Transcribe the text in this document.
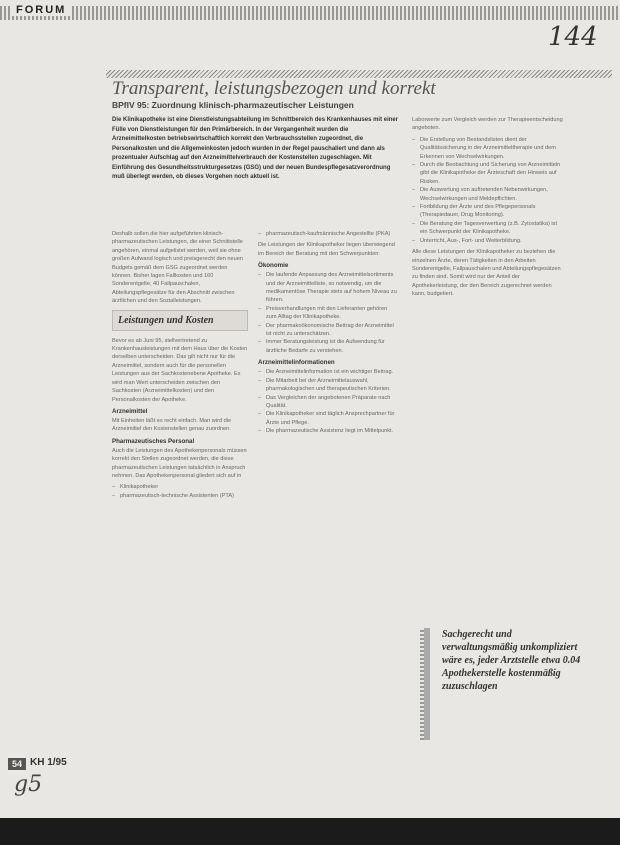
FORUM
144
Transparent, leistungsbezogen und korrekt
BPflV 95: Zuordnung klinisch-pharmazeutischer Leistungen
Die Klinikapotheke ist eine Dienstleistungsabteilung im Schnittbereich des Krankenhauses mit einer Fülle von Dienstleistungen für den Primärbereich. In der Vergangenheit wurden die Arzneimittelkosten betriebswirtschaftlich korrekt den Verbrauchsstellen zugeordnet, die Personalkosten und die Allgemeinkosten jedoch wurden in der Regel pauschaliert und dann als prozentualer Aufschlag auf den Arzneimittelverbrauch der Kostenstellen zugeschlagen. Mit Einführung des Gesundheitsstrukturgesetzes (GSG) und der neuen Bundespflegesatzverordnung muß überlegt werden, ob dieses Vorgehen noch aktuell ist.

Deshalb sollen die hier aufgeführten klinisch-pharmazeutischen Leistungen, die einer Schnittstelle angehören, einmal aufgelistet werden, weil sie ohne großen Aufwand logisch und preisgerecht den neuen Budgets gemäß dem GSG zugeordnet werden können. Bisher lagen Fallkosten und 160 Sonderentgelte, 40 Fallpauschalen, Abteilungspflegesätze für den Abschnitt zwischen ärztlichen und den Sozialleistungen.

Leistungen und Kosten

Bevor es ab Juni 95, stellvertretend zu Krankenhausleistungen mit dem Haus über die Kosten derselben unterscheiden. Das gilt nicht nur für die Arzneimittel, sondern auch für die personellen Leistungen aus der Sachkostenebene Apotheke. Es wird man Wert unterscheiden zwischen den Sachkosten (Arzneimittelkosten) und den Personalkosten der Apotheke.

Arzneimittel

Mit Einheiten läßt es recht einfach. Man wird die Arzneimittel den Kostenstellen genau zuordnen.

Pharmazeutisches Personal

Auch die Leistungen des Apothekenpersonals müssen korrekt den Stellen zugeordnet werden, die diese pharmazeutischen Leistungen tatsächlich in Anspruch nehmen. Das Apothekenpersonal gliedert sich auf in

– Klinikapotheker
– pharmazeutisch-technische Assistenten (PTA)
– pharmazeutisch-kaufmännische Angestellte (PKA)

Die Leistungen der Klinikapotheker liegen überwiegend im Bereich der Beratung mit den Schwerpunkten:

Ökonomie
– Die laufende Anpassung des Arzneimittelsortiments und der Arzneimittelliste, so notwendig, um die medikamentöse Therapie stets auf hohem Niveau zu führen.
– Preisverhandlungen mit den Lieferanten gehören zum Alltag der Klinikapotheke.
– Der pharmakoökonomische Beitrag der Arzneimittel ist nicht zu unterschätzen.
– Immer Beratungsleistung ist die Aufwendung für ärztliche Bedarfe zu verstehen.
Arzneimittelinformationen
– Die Arzneimittelinformation ist ein wichtiger Beitrag.
– Die Mitarbeit bei der Arzneimittelauswahl, pharmakologischen und therapeutischen Kriterien.
– Das Vergleichen der angebotenen Präparate nach Qualität.
– Die Klinikapotheker sind täglich Ansprechpartner für Ärzte und Pflege.
– Die pharmazeutische Assistenz liegt im Mittelpunkt.

Laborwerte zum Vergleich werden zur Therapieentscheidung angeboten.

– Die Erstellung von Bestandslisten dient der Qualitätssicherung in der Arzneimitteltherapie und dem Erkennen von Wechselwirkungen.
– Durch die Beobachtung und Sicherung von Arzneimitteln gibt die Klinikapotheke der Ärzteschaft den Hinweis auf Risiken.
– Die Auswertung von auftretenden Nebenwirkungen, Wechselwirkungen und Meldepflichten.
– Fortbildung der Ärzte und des Pflegepersonals (Therapiedauer, Drug Monitoring).
– Die Beratung der Tagesverwertung (z.B. Zytostatika) ist ein Schwerpunkt der Klinikapotheke.
– Unterricht, Aus-, Fort- und Weiterbildung.

Alle diese Leistungen der Klinikapotheker zu beziehen die einzelnen Ärzte, deren Tätigkeiten in den Arbeiten Sonderentgelte, Fallpauschalen und Abteilungspflegesätzen zu finden sind. Somit wird nur der Anteil der Apothekerleistung, der den Bereich zugerechnet werden kann, budgetiert.

Sachgerecht und verwaltungsmäßig unkompliziert wäre es, jeder Arztstelle etwa 0.04 Apothekerstelle kostenmäßig zuzuschlagen
54 KH 1/95
g5
